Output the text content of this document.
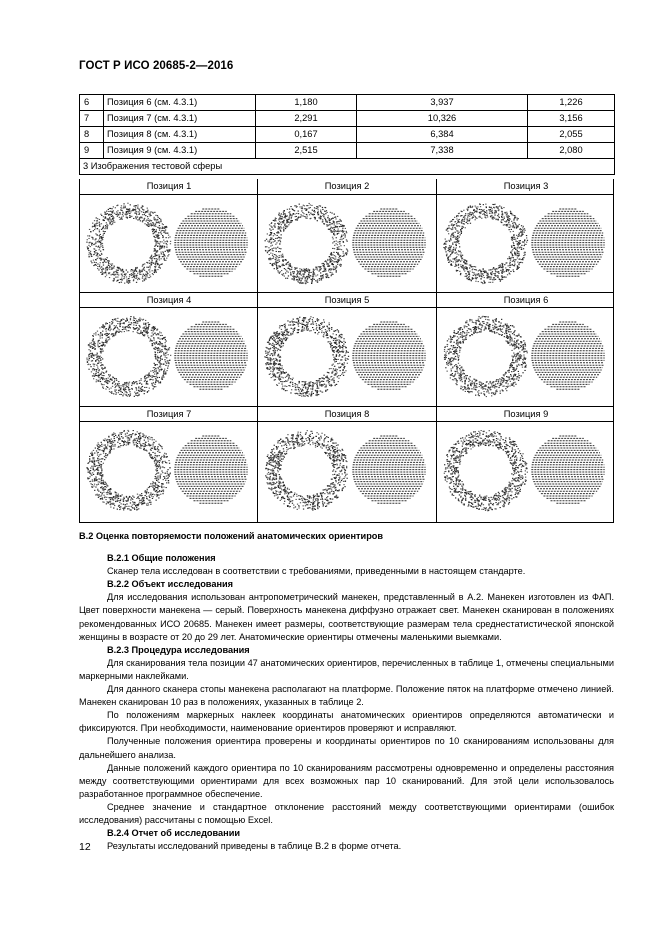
ГОСТ Р ИСО 20685-2—2016
6	Позиция 6 (см. 4.3.1)	1,180	3,937	1,226
7	Позиция 7 (см. 4.3.1)	2,291	10,326	3,156
8	Позиция 8 (см. 4.3.1)	0,167	6,384	2,055
9	Позиция 9 (см. 4.3.1)	2,515	7,338	2,080
3 Изображения тестовой сферы				
Позиция 1	Позиция 2	Позиция 3
Позиция 4	Позиция 5	Позиция 6
Позиция 7	Позиция 8	Позиция 9

В.2 Оценка повторяемости положений анатомических ориентиров

В.2.1 Общие положения

Сканер тела исследован в соответствии с требованиями, приведенными в настоящем стандарте.

В.2.2 Объект исследования

Для исследования использован антропометрический манекен, представленный в А.2. Манекен изготовлен из ФАП. Цвет поверхности манекена — серый. Поверхность манекена диффузно отражает свет. Манекен сканирован в положениях рекомендованных ИСО 20685. Манекен имеет размеры, соответствующие размерам тела среднестатистической японской женщины в возрасте от 20 до 29 лет. Анатомические ориентиры отмечены маленькими выемками.

В.2.3 Процедура исследования

Для сканирования тела позиции 47 анатомических ориентиров, перечисленных в таблице 1, отмечены специальными маркерными наклейками.

Для данного сканера стопы манекена располагают на платформе. Положение пяток на платформе отмечено линией. Манекен сканирован 10 раз в положениях, указанных в таблице 2.

По положениям маркерных наклеек координаты анатомических ориентиров определяются автоматически и фиксируются. При необходимости, наименование ориентиров проверяют и исправляют.

Полученные положения ориентира проверены и координаты ориентиров по 10 сканированиям использованы для дальнейшего анализа.

Данные положений каждого ориентира по 10 сканированиям рассмотрены одновременно и определены расстояния между соответствующими ориентирами для всех возможных пар 10 сканирований. Для этой цели использовалось разработанное программное обеспечение.

Среднее значение и стандартное отклонение расстояний между соответствующими ориентирами (ошибок исследования) рассчитаны с помощью Excel.

В.2.4 Отчет об исследовании

Результаты исследований приведены в таблице В.2 в форме отчета.

12
